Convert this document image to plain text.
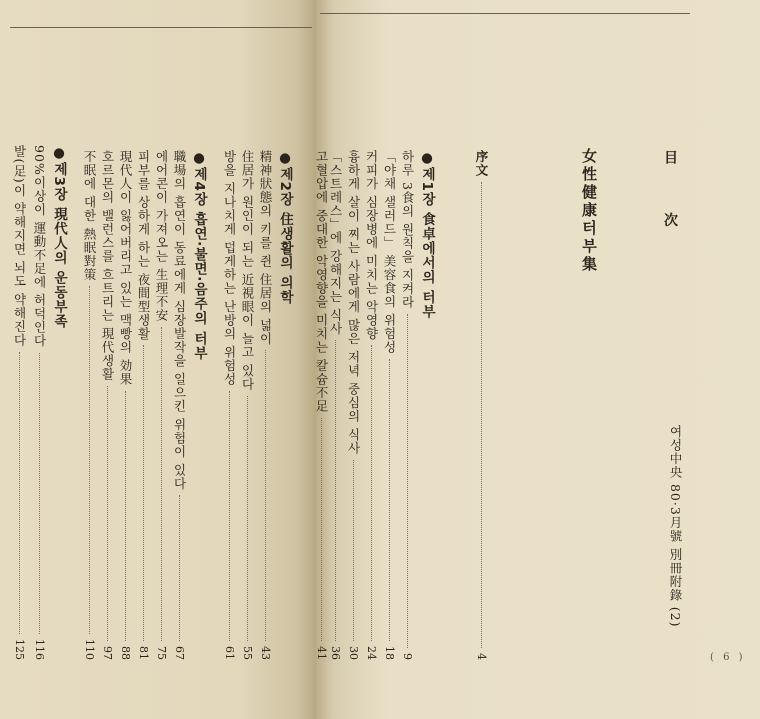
●제2장 住생활의 의학
精神狀態의 키를 쥔 住居의 넓이
43
住居가 원인이 되는 近視眼이 늘고 있다
55
방을 지나치게 덥게하는 난방의 위험성
61
●제4장 흡연·불면·음주의 터부
職場의 흡연이 동료에게 심장발작을 일으킨 위험이 있다
67
에어콘이 가져오는 生理不安
75
피부를 상하게 하는 夜間型생활
81
現代人이 잃어버리고 있는 맥빵의 効果
88
호르몬의 밸런스를 흐트리는 現代생활
97
不眠에 대한 熱眠對策
110
●제3장 現代人의 운동부족
90%이상이 運動不足에 허덕인다
116
발(足)이 약해지면 뇌도 약해진다
125
目 次
女性健康터부集
여성中央 80·3月號 別冊附錄 (2)
序文
4
●제1장 食卓에서의 터부
하루 3食의 원칙을 지켜라
9
「야채 샐러드」 美容食의 위험성
18
커피가 심장병에 미치는 악영향
24
흉하게 살이 찌는 사람에게 많은 저녁 중심의 식사
30
「스트레스」에 강해지는 식사
36
고혈압에 중대한 악영향을 미치는 칼슘不足
41	( 6 )
